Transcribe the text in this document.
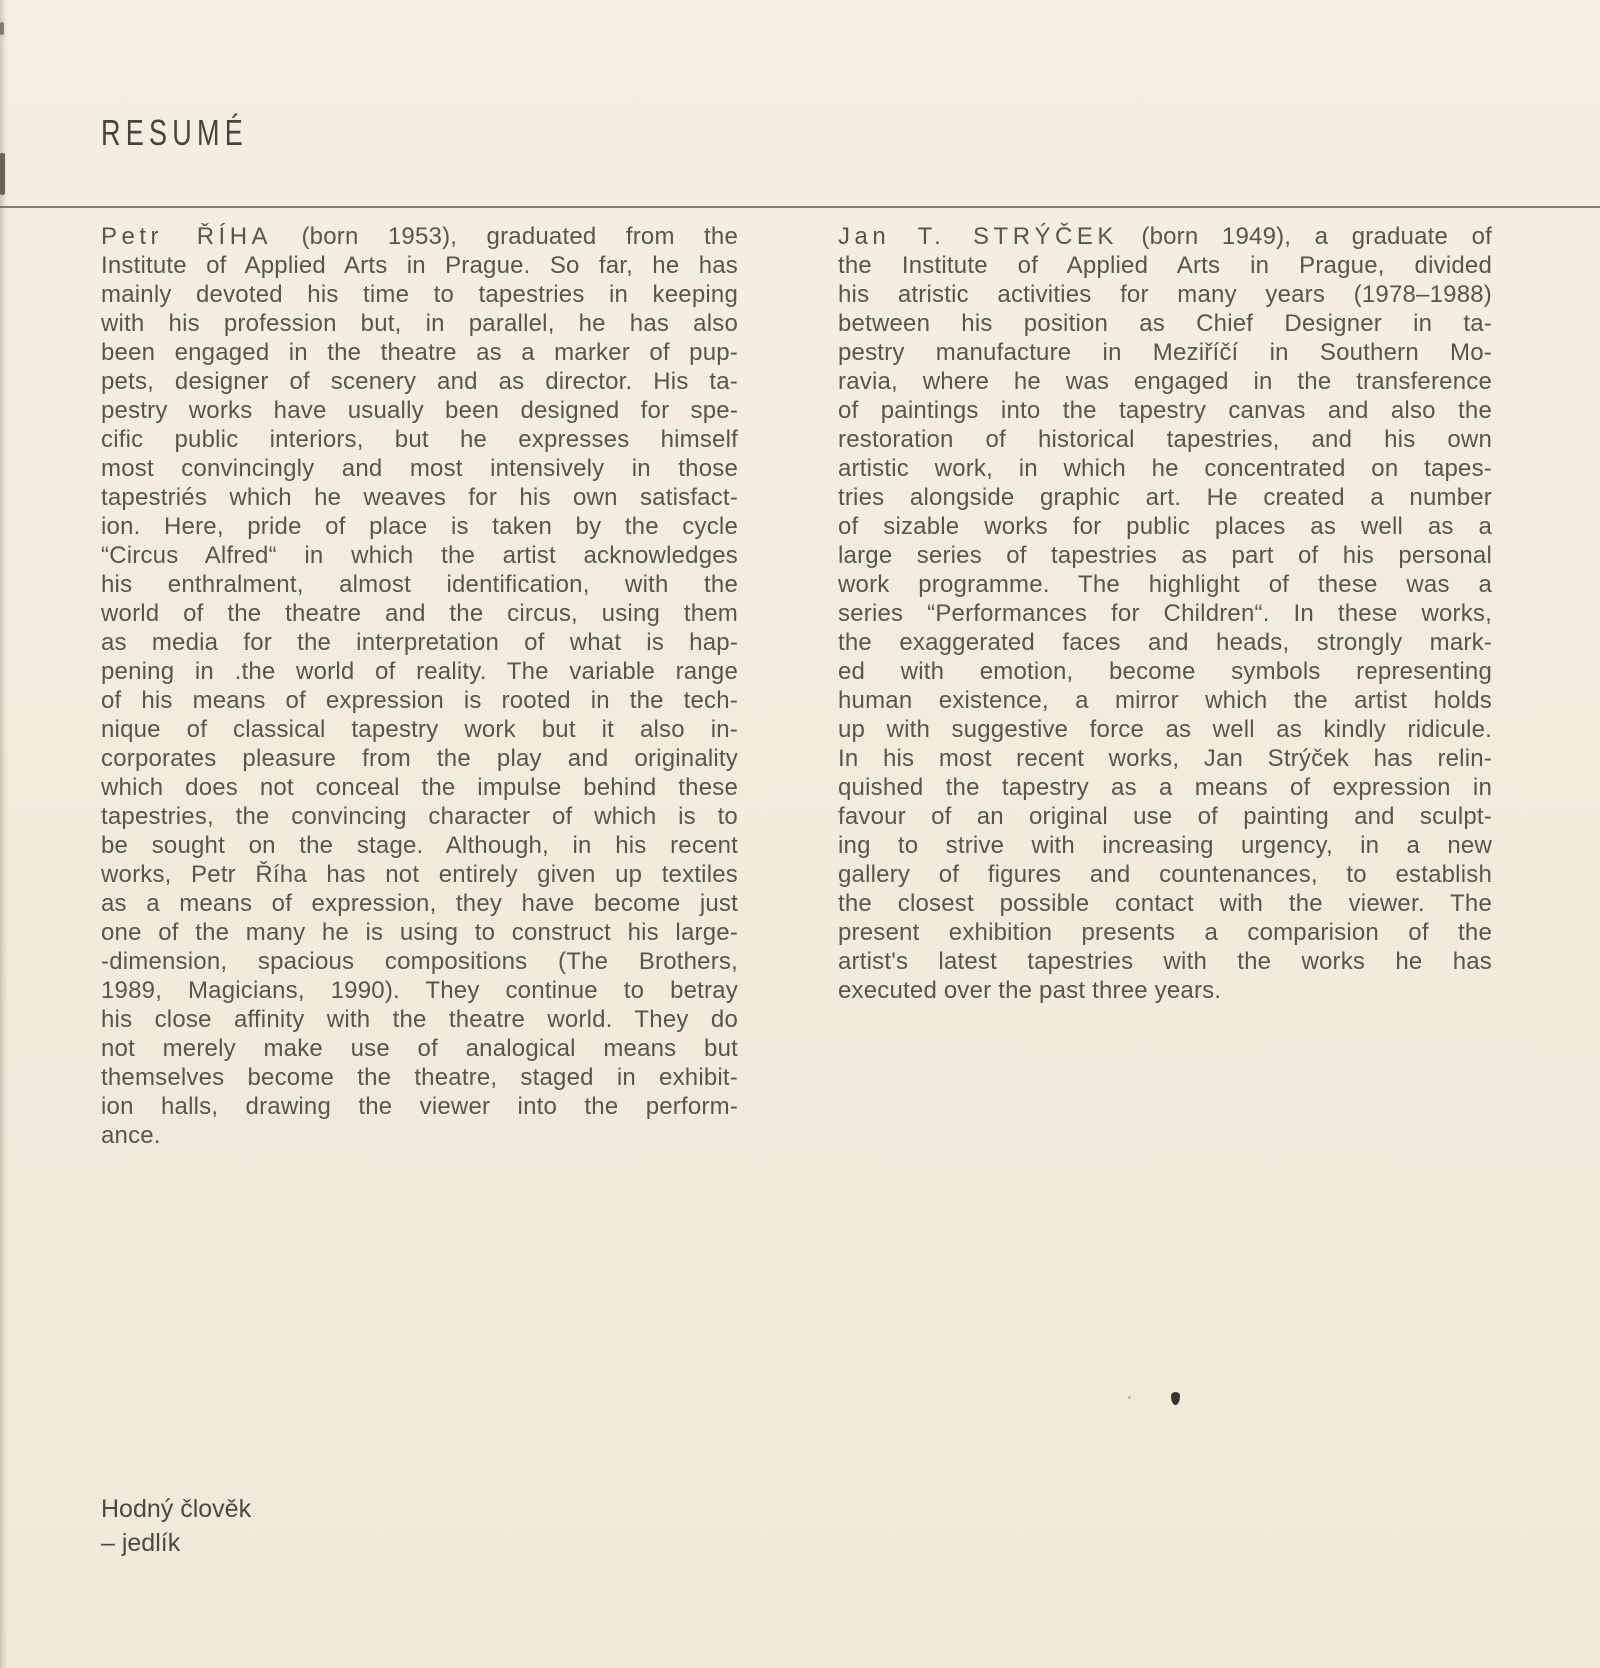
RESUMÉ
Petr ŘÍHA (born 1953), graduated from the
Institute of Applied Arts in Prague. So far, he has
mainly devoted his time to tapestries in keeping
with his profession but, in parallel, he has also
been engaged in the theatre as a marker of pup-
pets, designer of scenery and as director. His ta-
pestry works have usually been designed for spe-
cific public interiors, but he expresses himself
most convincingly and most intensively in those
tapestriés which he weaves for his own satisfact-
ion. Here, pride of place is taken by the cycle
“Circus Alfred“ in which the artist acknowledges
his enthralment, almost identification, with the
world of the theatre and the circus, using them
as media for the interpretation of what is hap-
pening in .the world of reality. The variable range
of his means of expression is rooted in the tech-
nique of classical tapestry work but it also in-
corporates pleasure from the play and originality
which does not conceal the impulse behind these
tapestries, the convincing character of which is to
be sought on the stage. Although, in his recent
works, Petr Říha has not entirely given up textiles
as a means of expression, they have become just
one of the many he is using to construct his large-
-dimension, spacious compositions (The Brothers,
1989, Magicians, 1990). They continue to betray
his close affinity with the theatre world. They do
not merely make use of analogical means but
themselves become the theatre, staged in exhibit-
ion halls, drawing the viewer into the perform-
ance.
Jan T. STRÝČEK (born 1949), a graduate of
the Institute of Applied Arts in Prague, divided
his atristic activities for many years (1978–1988)
between his position as Chief Designer in ta-
pestry manufacture in Meziříčí in Southern Mo-
ravia, where he was engaged in the transference
of paintings into the tapestry canvas and also the
restoration of historical tapestries, and his own
artistic work, in which he concentrated on tapes-
tries alongside graphic art. He created a number
of sizable works for public places as well as a
large series of tapestries as part of his personal
work programme. The highlight of these was a
series “Performances for Children“. In these works,
the exaggerated faces and heads, strongly mark-
ed with emotion, become symbols representing
human existence, a mirror which the artist holds
up with suggestive force as well as kindly ridicule.
In his most recent works, Jan Strýček has relin-
quished the tapestry as a means of expression in
favour of an original use of painting and sculpt-
ing to strive with increasing urgency, in a new
gallery of figures and countenances, to establish
the closest possible contact with the viewer. The
present exhibition presents a comparision of the
artist's latest tapestries with the works he has
executed over the past three years.
Hodný člověk
– jedlík
